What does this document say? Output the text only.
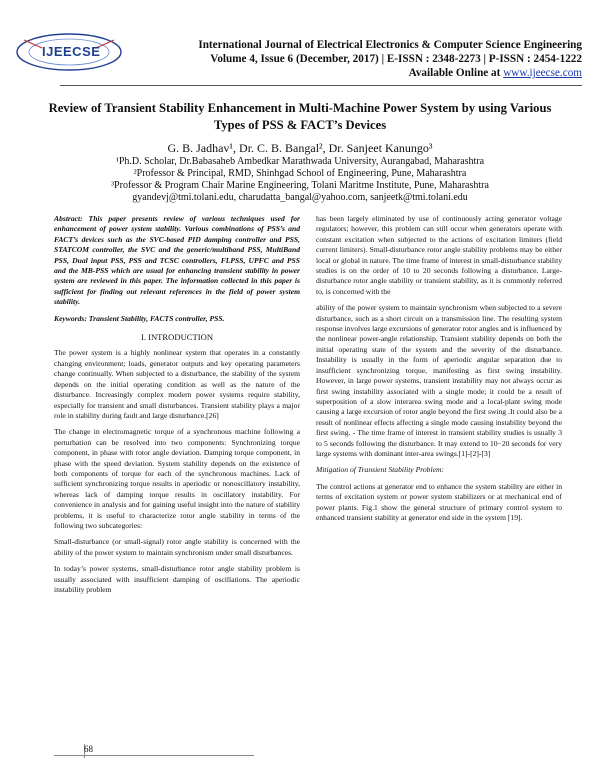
IJEECSE	International Journal of Electrical Electronics & Computer Science Engineering
Volume 4, Issue 6 (December, 2017) | E-ISSN : 2348-2273 | P-ISSN : 2454-1222
Available Online at www.ijeecse.com
Review of Transient Stability Enhancement in Multi-Machine Power System by using Various Types of PSS & FACT’s Devices
G. B. Jadhav¹, Dr. C. B. Bangal², Dr. Sanjeet Kanungo³
¹Ph.D. Scholar, Dr.Babasaheb Ambedkar Marathwada University, Aurangabad, Maharashtra
²Professor & Principal, RMD, Shinhgad School of Engineering, Pune, Maharashtra
³Professor & Program Chair Marine Engineering, Tolani Maritme Institute, Pune, Maharashtra
gyandevj@tmi.tolani.edu, charudatta_bangal@yahoo.com, sanjeetk@tmi.tolani.edu

Abstract: This paper presents review of various techniques used for enhancement of power system stability. Various combinations of PSS’s and FACT’s devices such as the SVC-based PID damping controller and PSS, STATCOM controller, the SVC and the generic/multiband PSS, MultiBand PSS, Dual input PSS, PSS and TCSC controllers, FLPSS, UPFC and PSS and the MB-PSS which are usual for enhancing transient stability in power system are reviewed in this paper. The information collected in this paper is sufficient for finding out relevant references in the field of power system stability.

Keywords: Transient Stability, FACTS controller, PSS.

I. INTRODUCTION

The power system is a highly nonlinear system that operates in a constantly changing environment; loads, generator outputs and key operating parameters change continually. When subjected to a disturbance, the stability of the system depends on the initial operating condition as well as the nature of the disturbance. Increasingly complex modern power systems require stability, especially for transient and small disturbances. Transient stability plays a major role in stability during fault and large disturbance.[26]

The change in electromagnetic torque of a synchronous machine following a perturbation can be resolved into two components: Synchronizing torque component, in phase with rotor angle deviation. Damping torque component, in phase with the speed deviation. System stability depends on the existence of both components of torque for each of the synchronous machines. Lack of sufficient synchronizing torque results in aperiodic or nonoscillatory instability, whereas lack of damping torque results in oscillatory instability. For convenience in analysis and for gaining useful insight into the nature of stability problems, it is useful to characterize rotor angle stability in terms of the following two subcategories:

Small-disturbance (or small-signal) rotor angle stability is concerned with the ability of the power system to maintain synchronism under small disturbances.

In today’s power systems, small-disturbance rotor angle stability problem is usually associated with insufficient damping of oscillations. The aperiodic instability problem

has been largely eliminated by use of continuously acting generator voltage regulators; however, this problem can still occur when generators operate with constant excitation when subjected to the actions of excitation limiters (field current limiters). Small-disturbance rotor angle stability problems may be either local or global in nature. The time frame of interest in small-disturbance stability studies is on the order of 10 to 20 seconds following a disturbance. Large-disturbance rotor angle stability or transient stability, as it is commonly referred to, is concerned with the

ability of the power system to maintain synchronism when subjected to a severe disturbance, such as a short circuit on a transmission line. The resulting system response involves large excursions of generator rotor angles and is influenced by the nonlinear power-angle relationship. Transient stability depends on both the initial operating state of the system and the severity of the disturbance. Instability is usually in the form of aperiodic angular separation due to insufficient synchronizing torque, manifesting as first swing instability. However, in large power systems, transient instability may not always occur as first swing instability associated with a single mode; it could be a result of superposition of a slow interarea swing mode and a local-plant swing mode causing a large excursion of rotor angle beyond the first swing .It could also be a result of nonlinear effects affecting a single mode causing instability beyond the first swing. - The time frame of interest in transient stability studies is usually 3 to 5 seconds following the disturbance. It may extend to 10−20 seconds for very large systems with dominant inter-area swings.[1]-[2]-[3]

Mitigation of Transient Stability Problem:

The control actions at generator end to enhance the system stability are either in terms of excitation system or power system stabilizers or at mechanical end of power plants. Fig.1 show the general structure of primary control system to enhanced transient stability at generator end side in the system [19].

68
